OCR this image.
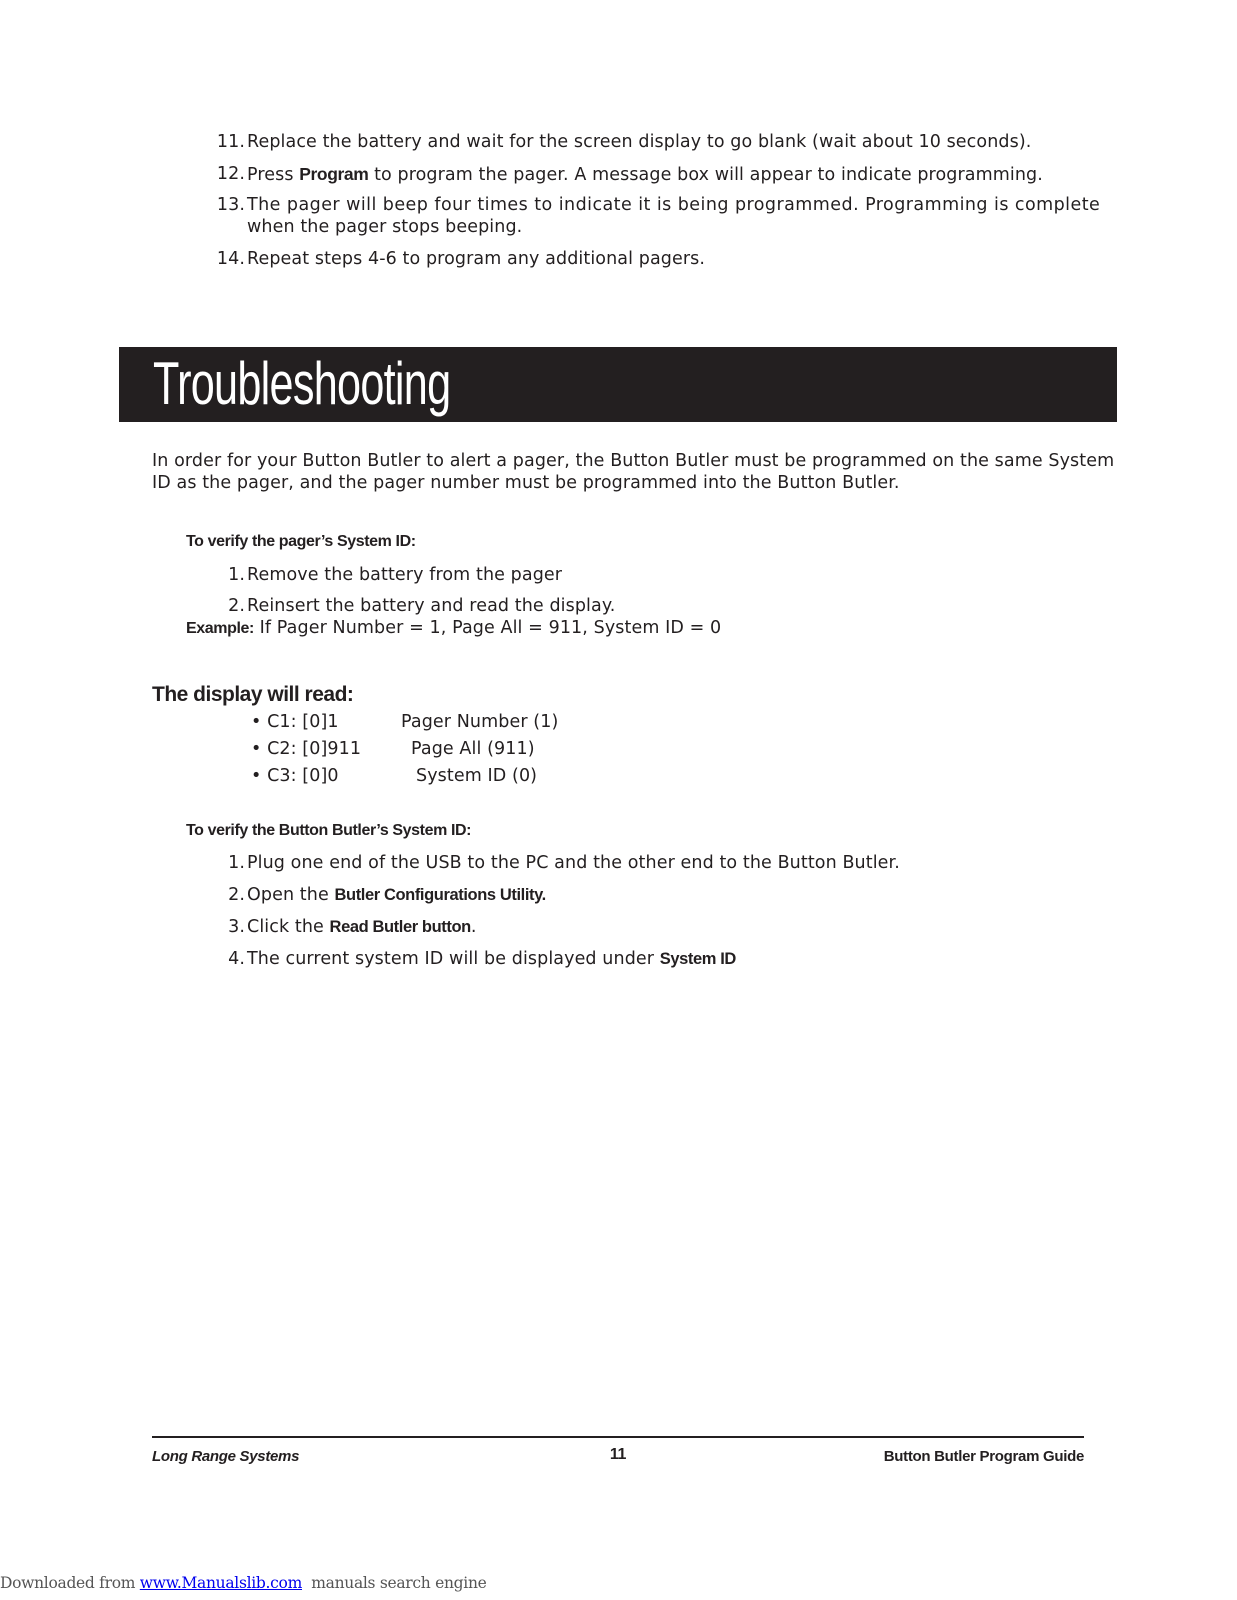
11. Replace the battery and wait for the screen display to go blank (wait about 10 seconds).
12. Press Program to program the pager. A message box will appear to indicate programming.
13. The pager will beep four times to indicate it is being programmed. Programming is complete
when the pager stops beeping.
14. Repeat steps 4-6 to program any additional pagers.
Troubleshooting
In order for your Button Butler to alert a pager, the Button Butler must be programmed on the same System
ID as the pager, and the pager number must be programmed into the Button Butler.
To verify the pager’s System ID:
1. Remove the battery from the pager
2. Reinsert the battery and read the display.
Example: If Pager Number = 1, Page All = 911, System ID = 0
The display will read:
• C1: [0]1	Pager Number (1)
• C2: [0]911	Page All (911)
• C3: [0]0	System ID (0)
To verify the Button Butler’s System ID:
1. Plug one end of the USB to the PC and the other end to the Button Butler.
2. Open the Butler Configurations Utility.
3. Click the Read Butler button.
4. The current system ID will be displayed under System ID
Long Range Systems	11	Button Butler Program Guide
Downloaded from www.Manualslib.com  manuals search engine
